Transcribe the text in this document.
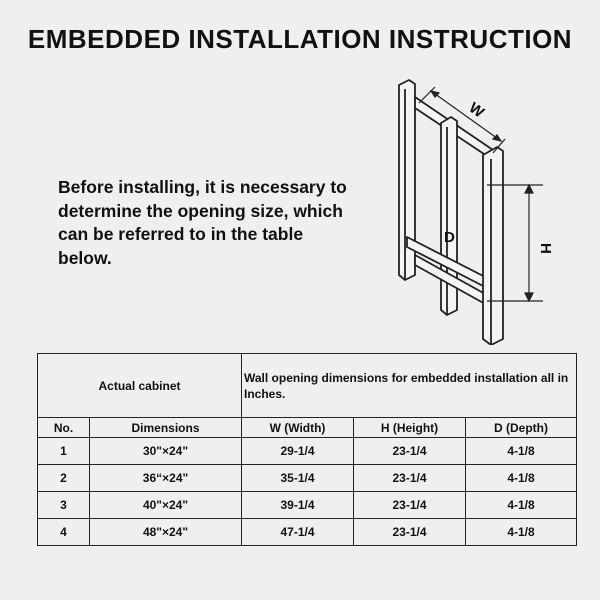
EMBEDDED INSTALLATION INSTRUCTION
Before installing, it is necessary to determine the opening size, which can be referred to in the table below.
W
H
D
Actual cabinet		Wall opening dimensions for embedded installation all in Inches.		

No.	Dimensions	W (Width)	H (Height)	D (Depth)
1	30"×24"	29-1/4	23-1/4	4-1/8
2	36“×24"	35-1/4	23-1/4	4-1/8
3	40"×24"	39-1/4	23-1/4	4-1/8
4	48"×24"	47-1/4	23-1/4	4-1/8
